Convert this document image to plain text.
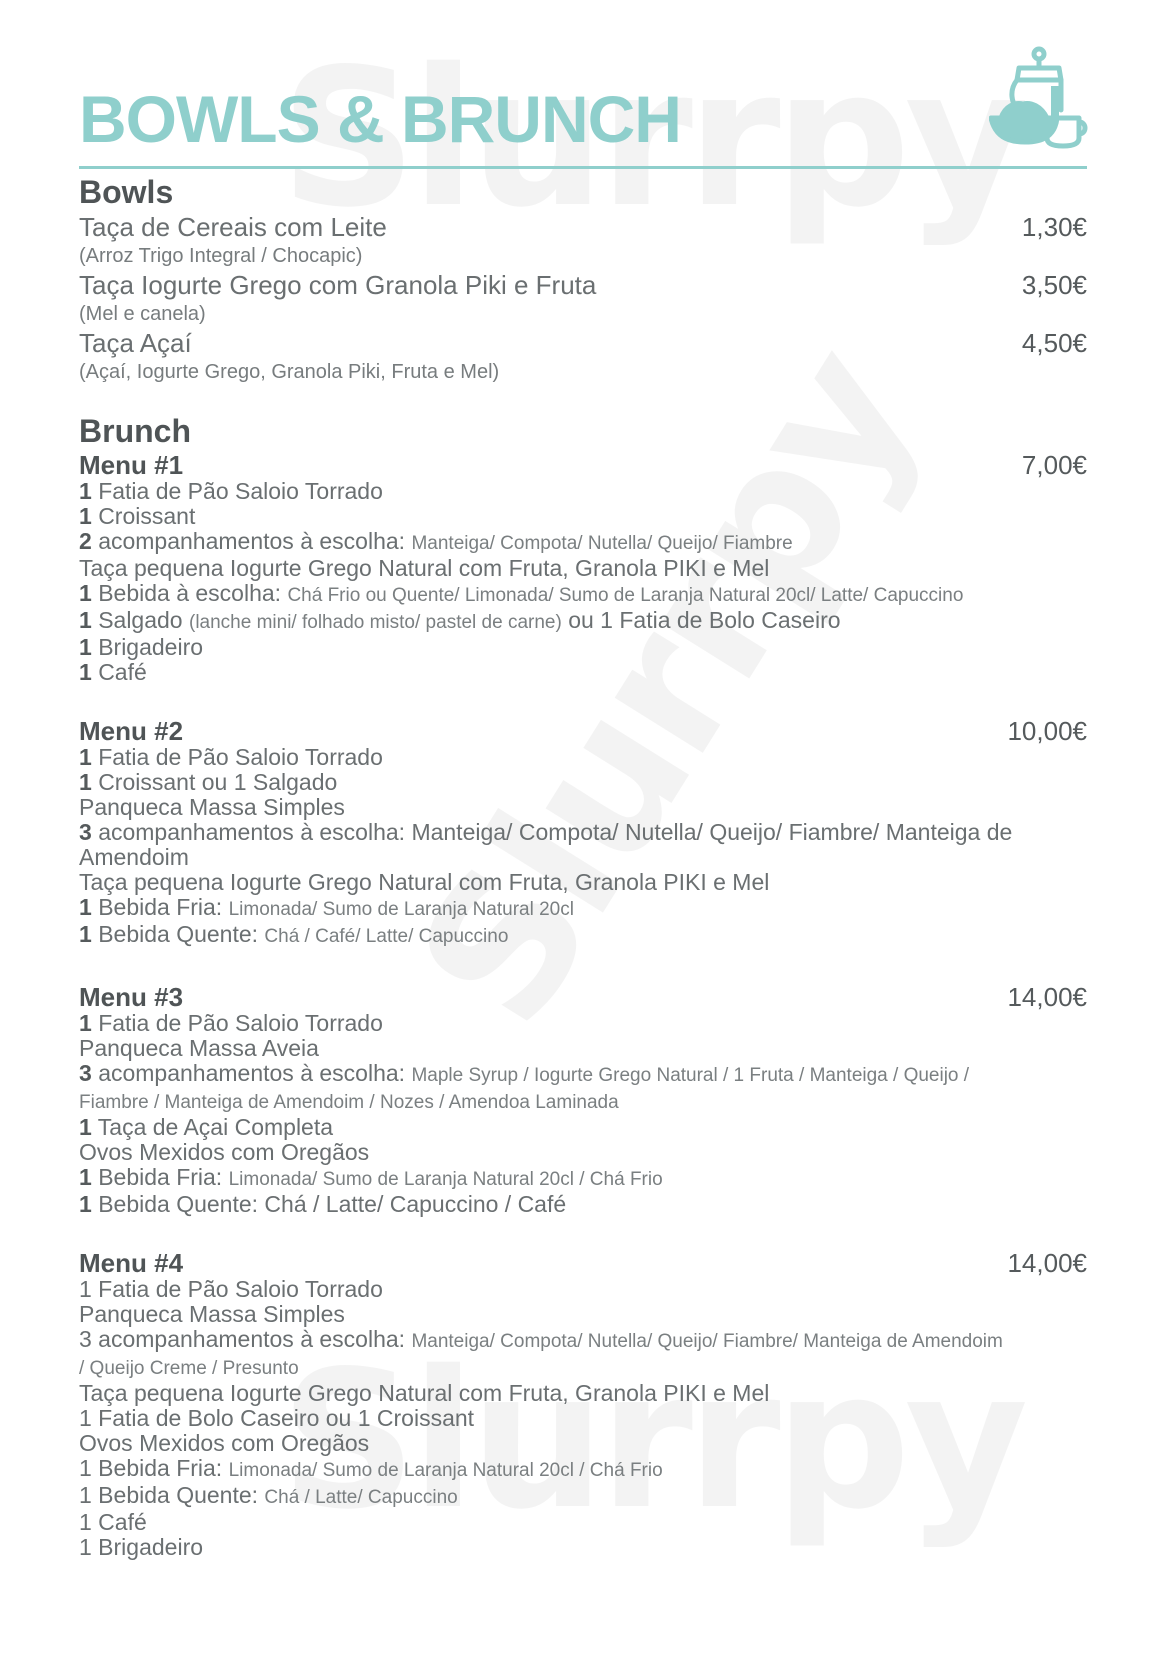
BOWLS & BRUNCH
Bowls
Taça de Cereais com Leite	1,30€
(Arroz Trigo Integral / Chocapic)
Taça Iogurte Grego com Granola Piki e Fruta	3,50€
(Mel e canela)
Taça Açaí	4,50€
(Açaí, Iogurte Grego, Granola Piki, Fruta e Mel)
Brunch
Menu #1	7,00€
1 Fatia de Pão Saloio Torrado
1 Croissant
2 acompanhamentos à escolha: Manteiga/ Compota/ Nutella/ Queijo/ Fiambre
Taça pequena Iogurte Grego Natural com Fruta, Granola PIKI e Mel
1 Bebida à escolha: Chá Frio ou Quente/ Limonada/ Sumo de Laranja Natural 20cl/ Latte/ Capuccino
1 Salgado (lanche mini/ folhado misto/ pastel de carne) ou 1 Fatia de Bolo Caseiro
1 Brigadeiro
1 Café
Menu #2	10,00€
1 Fatia de Pão Saloio Torrado
1 Croissant ou 1 Salgado
Panqueca Massa Simples
3 acompanhamentos à escolha: Manteiga/ Compota/ Nutella/ Queijo/ Fiambre/ Manteiga de
Amendoim
Taça pequena Iogurte Grego Natural com Fruta, Granola PIKI e Mel
1 Bebida Fria: Limonada/ Sumo de Laranja Natural 20cl
1 Bebida Quente: Chá / Café/ Latte/ Capuccino
Menu #3	14,00€
1 Fatia de Pão Saloio Torrado
Panqueca Massa Aveia
3 acompanhamentos à escolha: Maple Syrup / Iogurte Grego Natural / 1 Fruta / Manteiga / Queijo /
Fiambre / Manteiga de Amendoim / Nozes / Amendoa Laminada
1 Taça de Açai Completa
Ovos Mexidos com Oregãos
1 Bebida Fria: Limonada/ Sumo de Laranja Natural 20cl / Chá Frio
1 Bebida Quente: Chá / Latte/ Capuccino / Café
Menu #4	14,00€
1 Fatia de Pão Saloio Torrado
Panqueca Massa Simples
3 acompanhamentos à escolha: Manteiga/ Compota/ Nutella/ Queijo/ Fiambre/ Manteiga de Amendoim
/ Queijo Creme / Presunto
Taça pequena Iogurte Grego Natural com Fruta, Granola PIKI e Mel
1 Fatia de Bolo Caseiro ou 1 Croissant
Ovos Mexidos com Oregãos
1 Bebida Fria: Limonada/ Sumo de Laranja Natural 20cl / Chá Frio
1 Bebida Quente: Chá / Latte/ Capuccino
1 Café
1 Brigadeiro
